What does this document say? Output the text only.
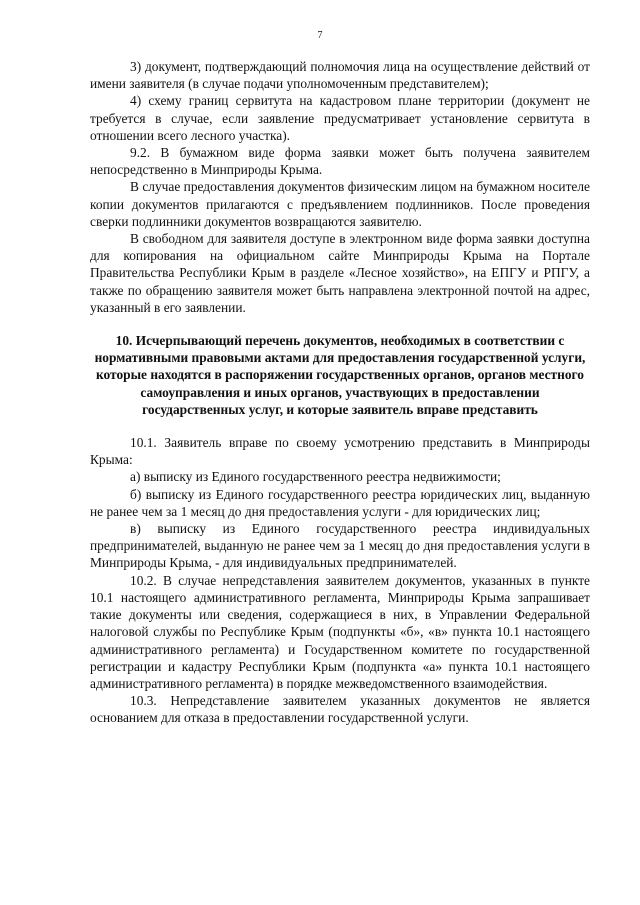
7

3) документ, подтверждающий полномочия лица на осуществление действий от имени заявителя (в случае подачи уполномоченным представителем);

4) схему границ сервитута на кадастровом плане территории (документ не требуется в случае, если заявление предусматривает установление сервитута в отношении всего лесного участка).

9.2. В бумажном виде форма заявки может быть получена заявителем непосредственно в Минприроды Крыма.

В случае предоставления документов физическим лицом на бумажном носителе копии документов прилагаются с предъявлением подлинников. После проведения сверки подлинники документов возвращаются заявителю.

В свободном для заявителя доступе в электронном виде форма заявки доступна для копирования на официальном сайте Минприроды Крыма на Портале Правительства Республики Крым в разделе «Лесное хозяйство», на ЕПГУ и РПГУ, а также по обращению заявителя может быть направлена электронной почтой на адрес, указанный в его заявлении.

10. Исчерпывающий перечень документов, необходимых в соответствии с нормативными правовыми актами для предоставления государственной услуги, которые находятся в распоряжении государственных органов, органов местного самоуправления и иных органов, участвующих в предоставлении государственных услуг, и которые заявитель вправе представить

10.1. Заявитель вправе по своему усмотрению представить в Минприроды Крыма:

а) выписку из Единого государственного реестра недвижимости;

б) выписку из Единого государственного реестра юридических лиц, выданную не ранее чем за 1 месяц до дня предоставления услуги - для юридических лиц;

в) выписку из Единого государственного реестра индивидуальных предпринимателей, выданную не ранее чем за 1 месяц до дня предоставления услуги в Минприроды Крыма, - для индивидуальных предпринимателей.

10.2. В случае непредставления заявителем документов, указанных в пункте 10.1 настоящего административного регламента, Минприроды Крыма запрашивает такие документы или сведения, содержащиеся в них, в Управлении Федеральной налоговой службы по Республике Крым (подпункты «б», «в» пункта 10.1 настоящего административного регламента) и Государственном комитете по государственной регистрации и кадастру Республики Крым (подпункта «а» пункта 10.1 настоящего административного регламента) в порядке межведомственного взаимодействия.

10.3. Непредставление заявителем указанных документов не является основанием для отказа в предоставлении государственной услуги.
